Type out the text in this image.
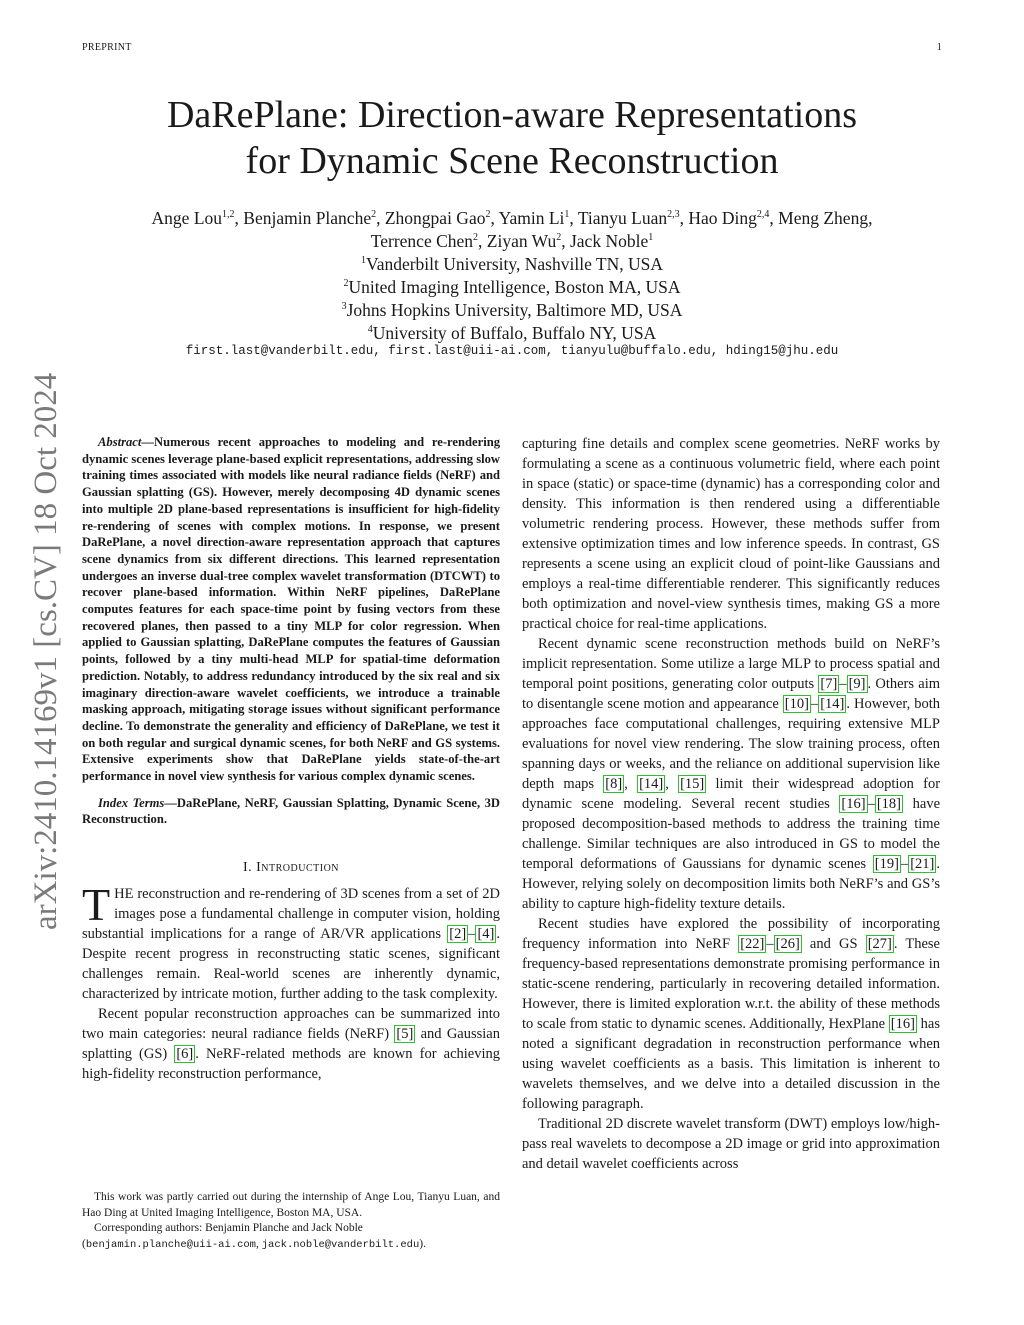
PREPRINT	1
arXiv:2410.14169v1 [cs.CV] 18 Oct 2024
DaRePlane: Direction-aware Representations
for Dynamic Scene Reconstruction
Ange Lou$^{1,2}$, Benjamin Planche$^2$, Zhongpai Gao$^2$, Yamin Li$^1$, Tianyu Luan$^{2,3}$, Hao Ding$^{2,4}$, Meng Zheng,
Terrence Chen$^2$, Ziyan Wu$^2$, Jack Noble$^1$
$^1$Vanderbilt University, Nashville TN, USA
$^2$United Imaging Intelligence, Boston MA, USA
$^3$Johns Hopkins University, Baltimore MD, USA
$^4$University of Buffalo, Buffalo NY, USA
first.last@vanderbilt.edu, first.last@uii-ai.com, tianyulu@buffalo.edu, hding15@jhu.edu

Abstract—Numerous recent approaches to modeling and re-rendering dynamic scenes leverage plane-based explicit representations, addressing slow training times associated with models like neural radiance fields (NeRF) and Gaussian splatting (GS). However, merely decomposing 4D dynamic scenes into multiple 2D plane-based representations is insufficient for high-fidelity re-rendering of scenes with complex motions. In response, we present DaRePlane, a novel direction-aware representation approach that captures scene dynamics from six different directions. This learned representation undergoes an inverse dual-tree complex wavelet transformation (DTCWT) to recover plane-based information. Within NeRF pipelines, DaRePlane computes features for each space-time point by fusing vectors from these recovered planes, then passed to a tiny MLP for color regression. When applied to Gaussian splatting, DaRePlane computes the features of Gaussian points, followed by a tiny multi-head MLP for spatial-time deformation prediction. Notably, to address redundancy introduced by the six real and six imaginary direction-aware wavelet coefficients, we introduce a trainable masking approach, mitigating storage issues without significant performance decline. To demonstrate the generality and efficiency of DaRePlane, we test it on both regular and surgical dynamic scenes, for both NeRF and GS systems. Extensive experiments show that DaRePlane yields state-of-the-art performance in novel view synthesis for various complex dynamic scenes.

Index Terms—DaRePlane, NeRF, Gaussian Splatting, Dynamic Scene, 3D Reconstruction.

I. Introduction

THE reconstruction and re-rendering of 3D scenes from a set of 2D images pose a fundamental challenge in computer vision, holding substantial implications for a range of AR/VR applications [2] – [4] . Despite recent progress in reconstructing static scenes, significant challenges remain. Real-world scenes are inherently dynamic, characterized by intricate motion, further adding to the task complexity.

Recent popular reconstruction approaches can be summarized into two main categories: neural radiance fields (NeRF) [5] and Gaussian splatting (GS) [6] . NeRF-related methods are known for achieving high-fidelity reconstruction performance,

capturing fine details and complex scene geometries. NeRF works by formulating a scene as a continuous volumetric field, where each point in space (static) or space-time (dynamic) has a corresponding color and density. This information is then rendered using a differentiable volumetric rendering process. However, these methods suffer from extensive optimization times and low inference speeds. In contrast, GS represents a scene using an explicit cloud of point-like Gaussians and employs a real-time differentiable renderer. This significantly reduces both optimization and novel-view synthesis times, making GS a more practical choice for real-time applications.

Recent dynamic scene reconstruction methods build on NeRF’s implicit representation. Some utilize a large MLP to process spatial and temporal point positions, generating color outputs [7] – [9] . Others aim to disentangle scene motion and appearance [10] – [14] . However, both approaches face computational challenges, requiring extensive MLP evaluations for novel view rendering. The slow training process, often spanning days or weeks, and the reliance on additional supervision like depth maps [8] , [14] , [15] limit their widespread adoption for dynamic scene modeling. Several recent studies [16] – [18] have proposed decomposition-based methods to address the training time challenge. Similar techniques are also introduced in GS to model the temporal deformations of Gaussians for dynamic scenes [19] – [21] . However, relying solely on decomposition limits both NeRF’s and GS’s ability to capture high-fidelity texture details.

Recent studies have explored the possibility of incorporating frequency information into NeRF [22] – [26] and GS [27] . These frequency-based representations demonstrate promising performance in static-scene rendering, particularly in recovering detailed information. However, there is limited exploration w.r.t. the ability of these methods to scale from static to dynamic scenes. Additionally, HexPlane [16] has noted a significant degradation in reconstruction performance when using wavelet coefficients as a basis. This limitation is inherent to wavelets themselves, and we delve into a detailed discussion in the following paragraph.

Traditional 2D discrete wavelet transform (DWT) employs low/high-pass real wavelets to decompose a 2D image or grid into approximation and detail wavelet coefficients across

This work was partly carried out during the internship of Ange Lou, Tianyu Luan, and Hao Ding at United Imaging Intelligence, Boston MA, USA.

Corresponding authors: Benjamin Planche and Jack Noble

(benjamin.planche@uii-ai.com, jack.noble@vanderbilt.edu).
